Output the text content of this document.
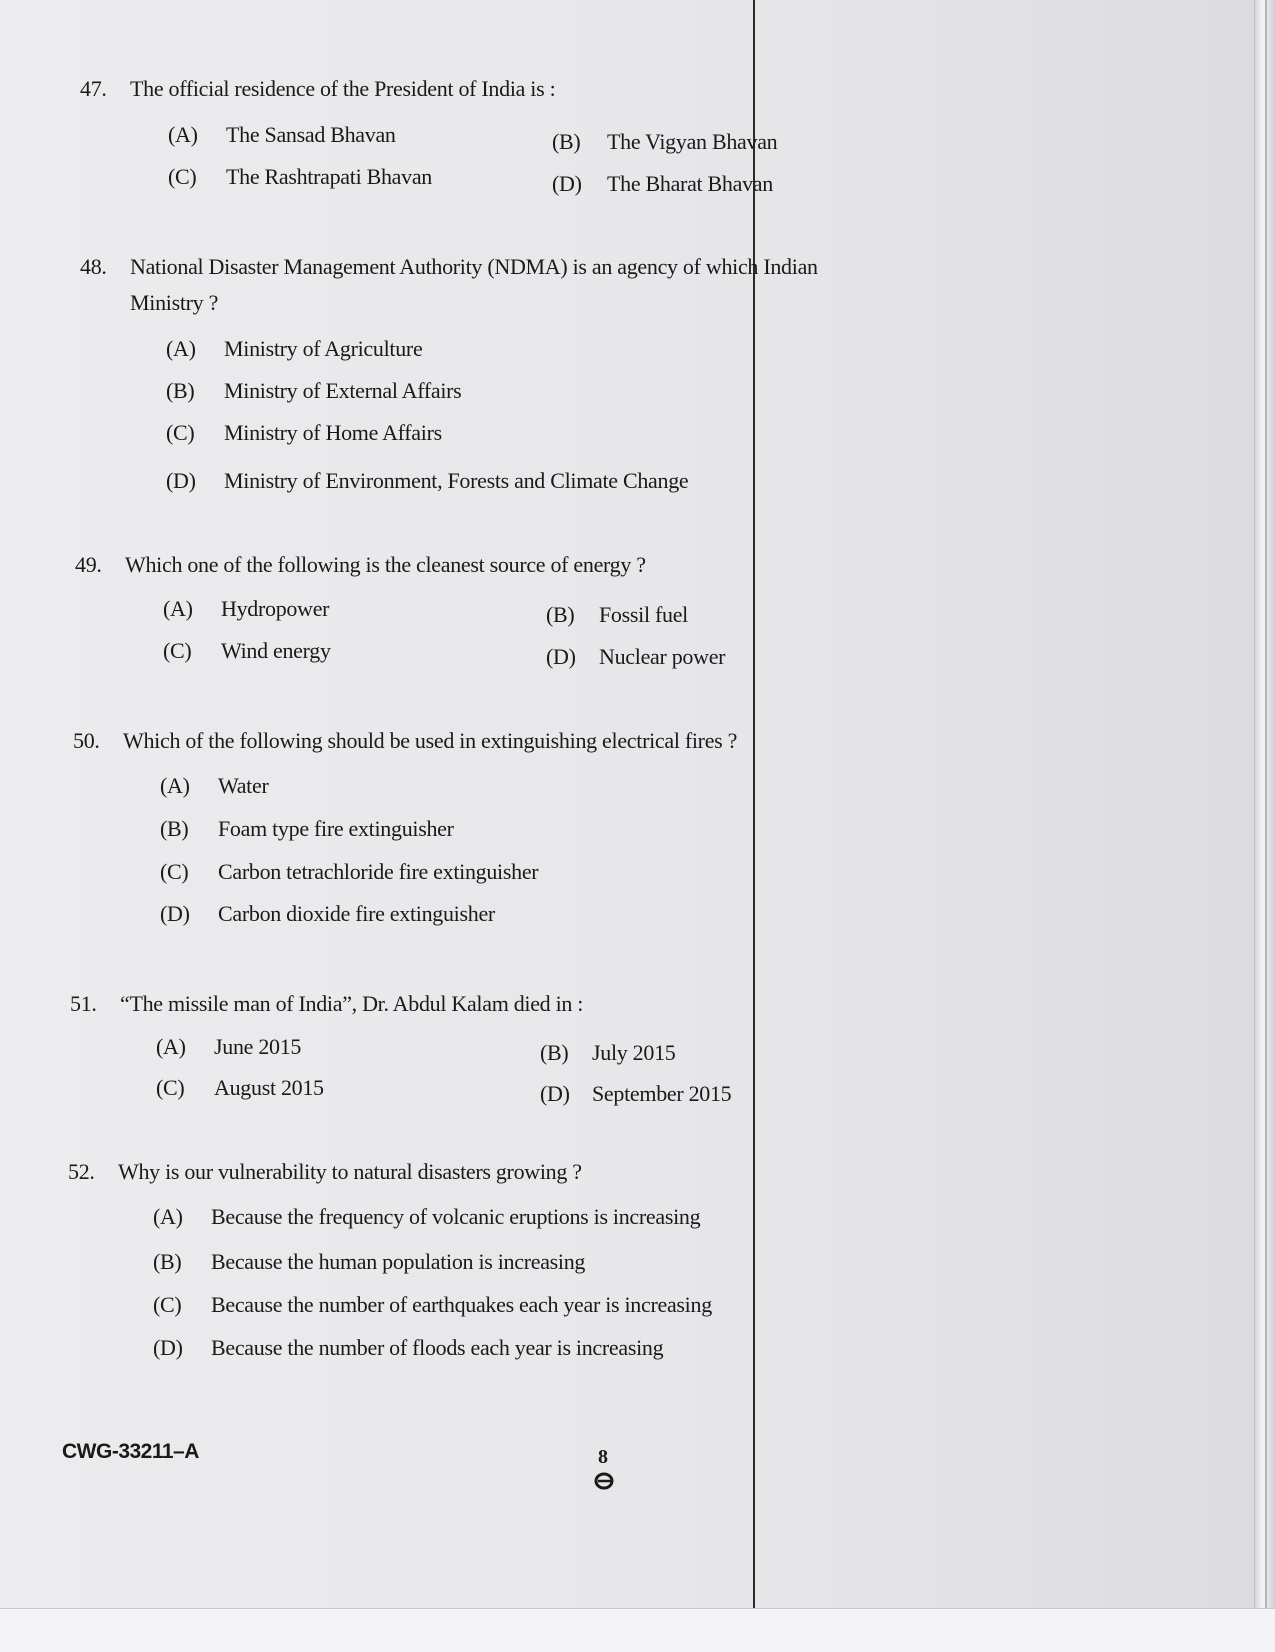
47. The official residence of the President of India is :
(A) The Sansad Bhavan	(B) The Vigyan Bhavan
(C) The Rashtrapati Bhavan	(D) The Bharat Bhavan
48. National Disaster Management Authority (NDMA) is an agency of which Indian
Ministry ?
(A) Ministry of Agriculture
(B) Ministry of External Affairs
(C) Ministry of Home Affairs
(D) Ministry of Environment, Forests and Climate Change
49. Which one of the following is the cleanest source of energy ?
(A) Hydropower	(B) Fossil fuel
(C) Wind energy	(D) Nuclear power
50. Which of the following should be used in extinguishing electrical fires ?
(A) Water
(B) Foam type fire extinguisher
(C) Carbon tetrachloride fire extinguisher
(D) Carbon dioxide fire extinguisher
51. “The missile man of India”, Dr. Abdul Kalam died in :
(A) June 2015	(B) July 2015
(C) August 2015	(D) September 2015
52. Why is our vulnerability to natural disasters growing ?
(A) Because the frequency of volcanic eruptions is increasing
(B) Because the human population is increasing
(C) Because the number of earthquakes each year is increasing
(D) Because the number of floods each year is increasing
CWG-33211–A	8
